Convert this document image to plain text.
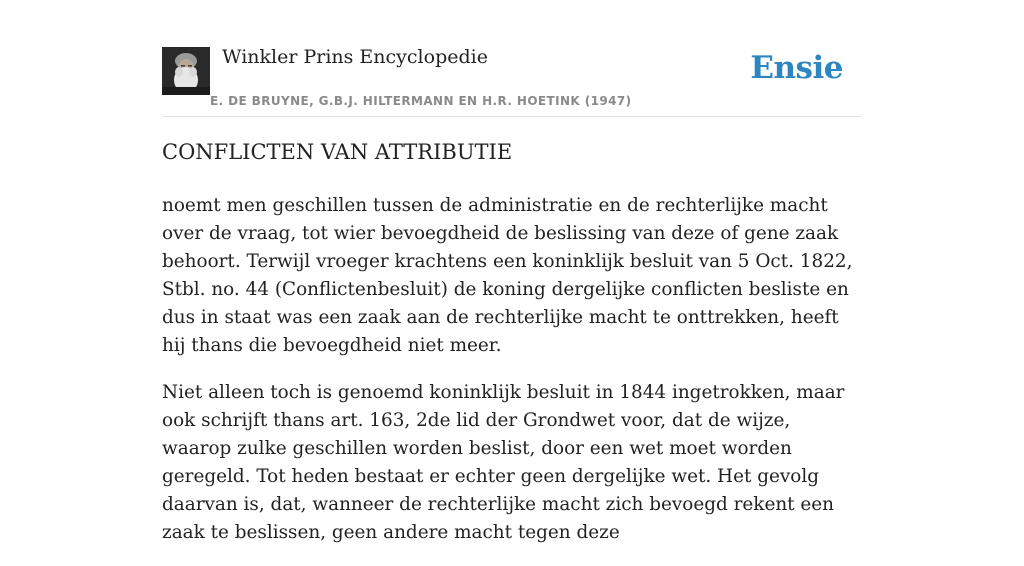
Winkler Prins Encyclopedie
E. DE BRUYNE, G.B.J. HILTERMANN EN H.R. HOETINK (1947)
Ensie
CONFLICTEN VAN ATTRIBUTIE

noemt men geschillen tussen de administratie en de rechterlijke macht over de vraag, tot wier bevoegdheid de beslissing van deze of gene zaak behoort. Terwijl vroeger krachtens een koninklijk besluit van 5 Oct. 1822, Stbl. no. 44 (Conflictenbesluit) de koning dergelijke conflicten besliste en dus in staat was een zaak aan de rechterlijke macht te onttrekken, heeft hij thans die bevoegdheid niet meer.

Niet alleen toch is genoemd koninklijk besluit in 1844 ingetrokken, maar ook schrijft thans art. 163, 2de lid der Grondwet voor, dat de wijze, waarop zulke geschillen worden beslist, door een wet moet worden geregeld. Tot heden bestaat er echter geen dergelijke wet. Het gevolg daarvan is, dat, wanneer de rechterlijke macht zich bevoegd rekent een zaak te beslissen, geen andere macht tegen deze
